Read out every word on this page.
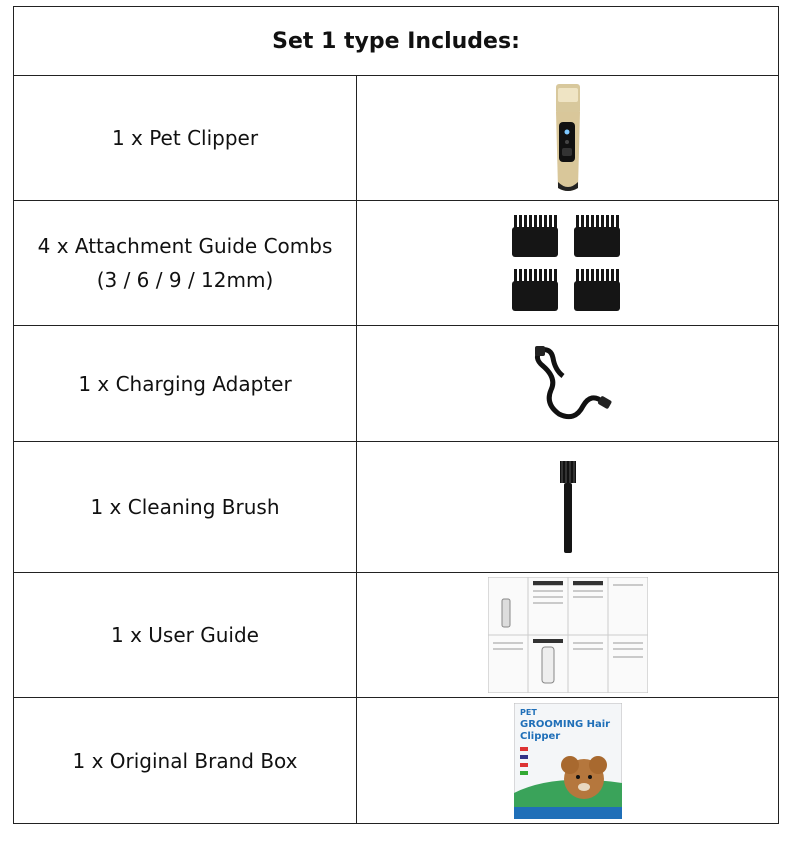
Set 1 type Includes:
1 x Pet Clipper
4 x Attachment Guide Combs
(3 / 6 / 9 / 12mm)
1 x Charging Adapter
1 x Cleaning Brush
1 x User Guide
1 x Original Brand Box
PET
GROOMING Hair
Clipper
